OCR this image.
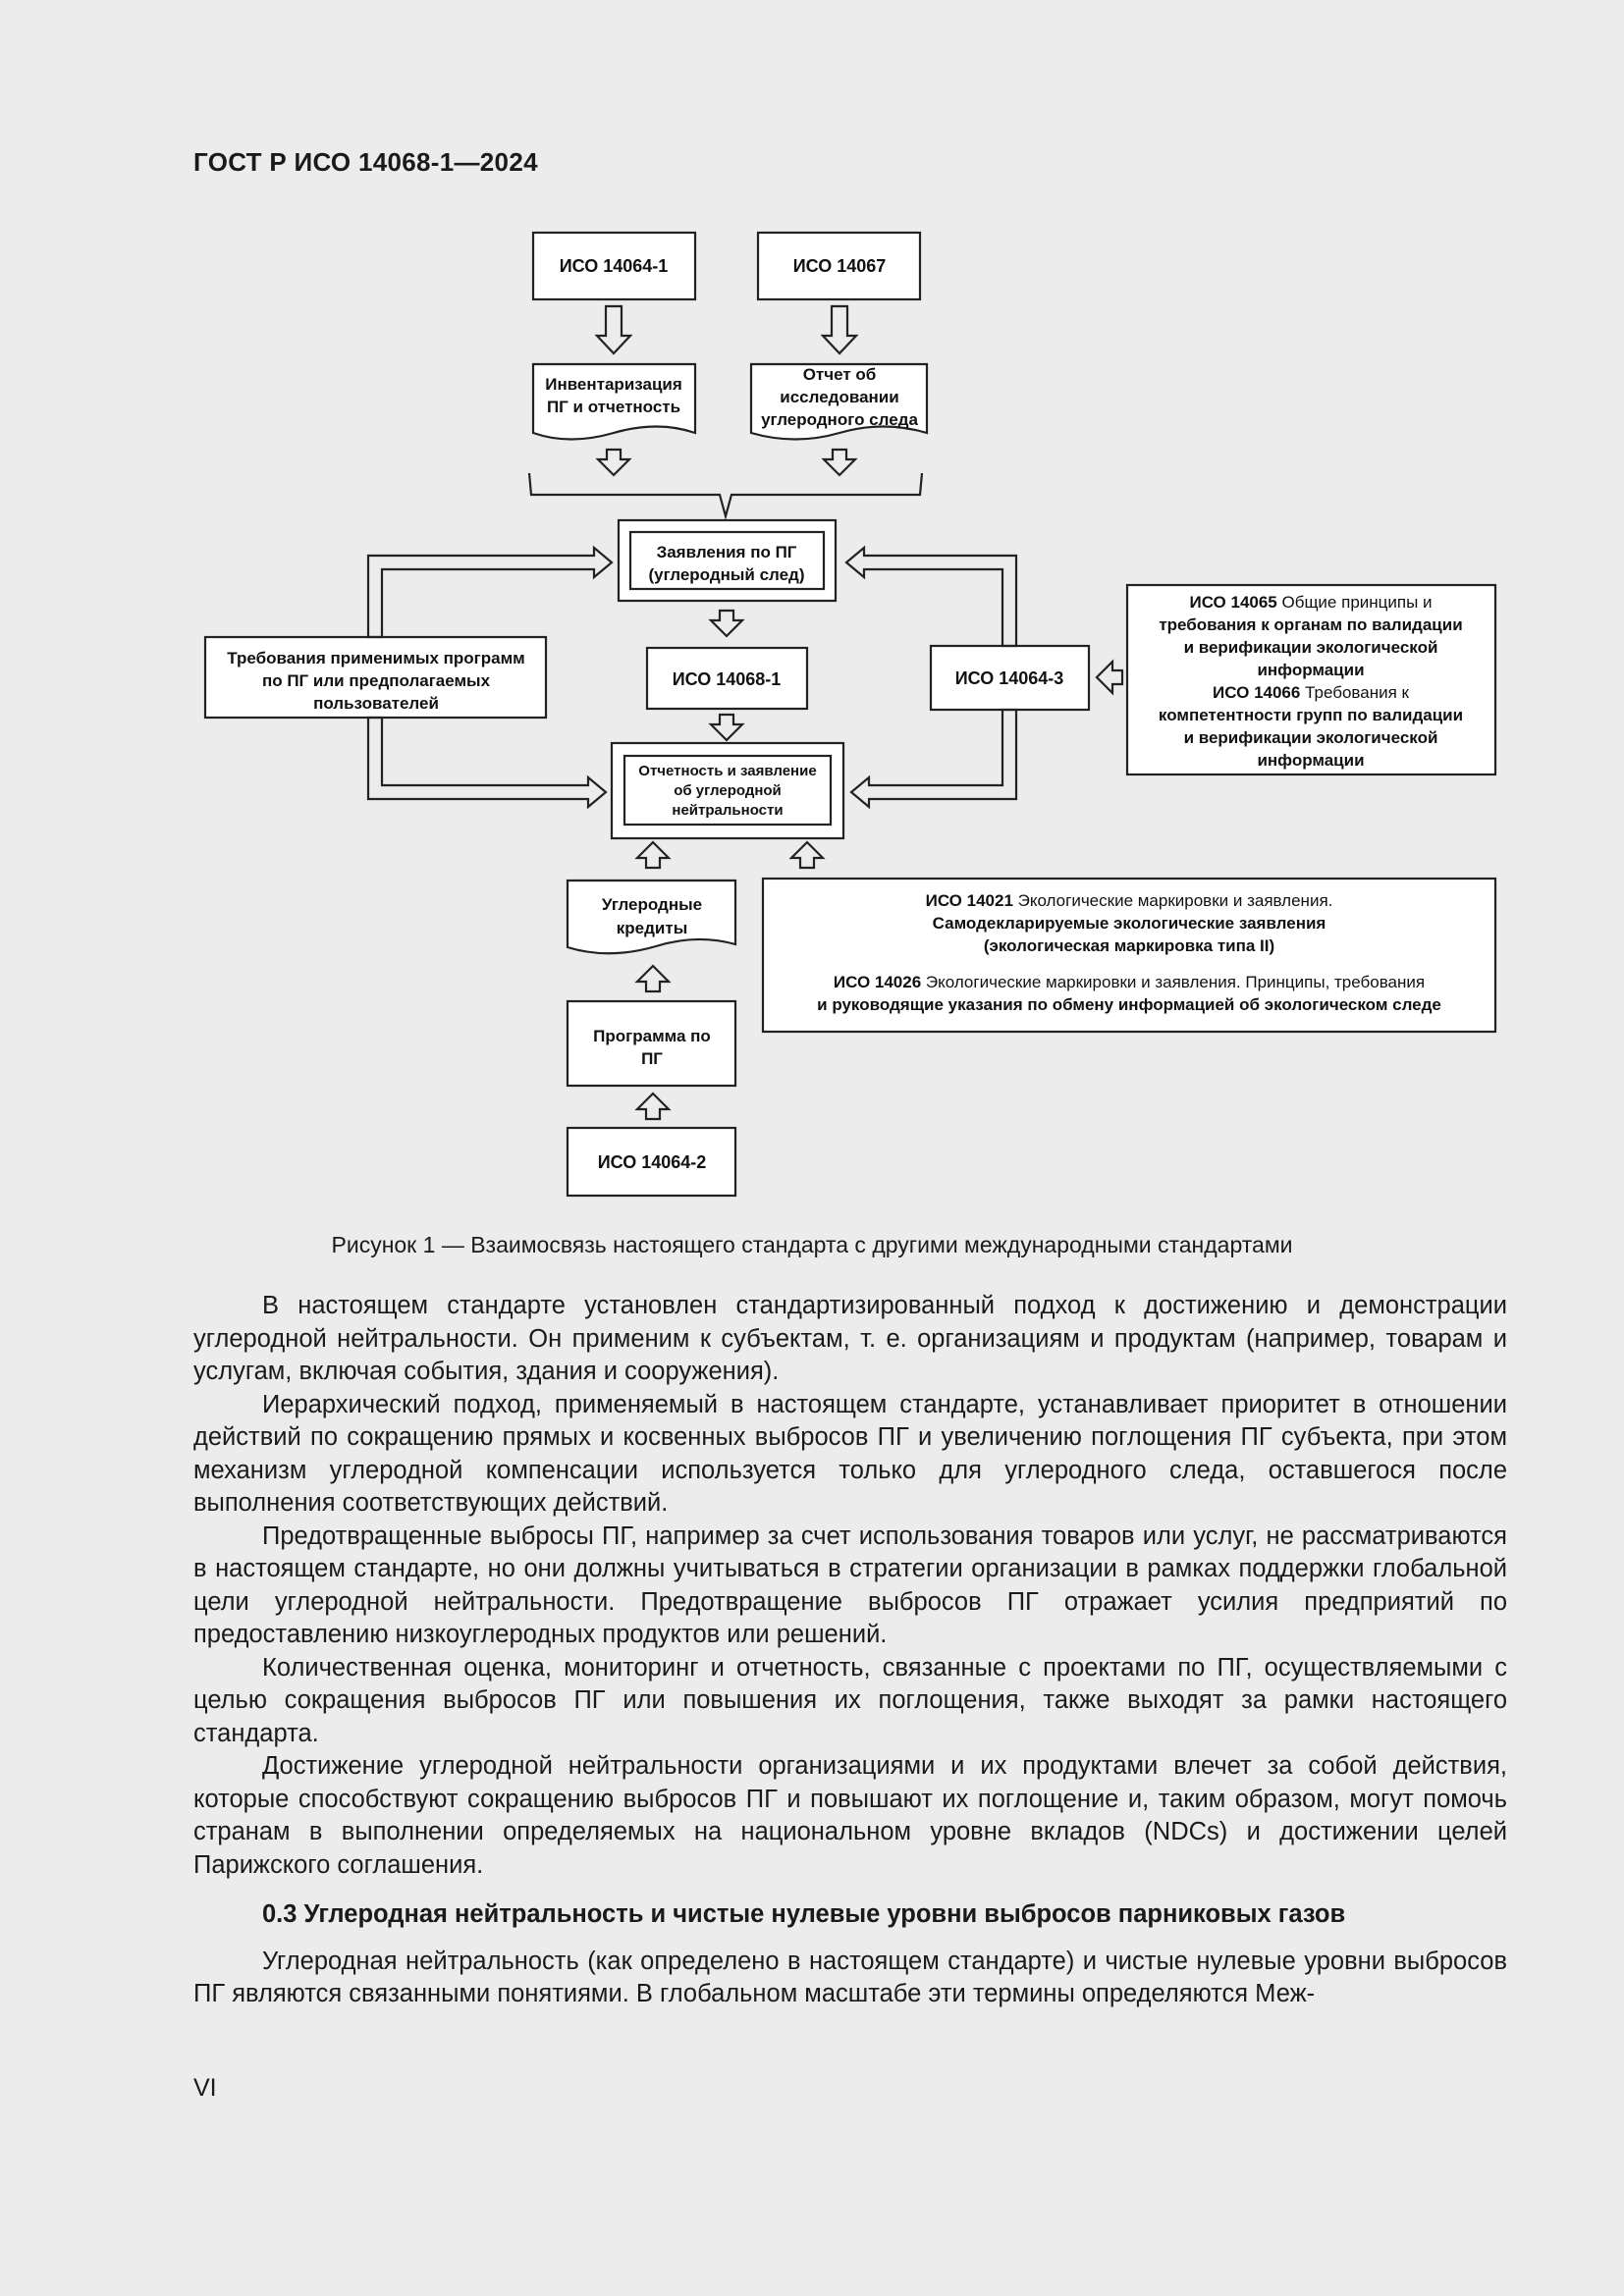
ГОСТ Р ИСО 14068-1—2024
ИСО 14064-1	ИСО 14067
ИСО 14068-1	ИСО 14064-3
ИСО 14064-2
Инвентаризация
ПГ и отчетность
Отчет об
исследовании
углеродного следа
Заявления по ПГ
(углеродный след)
Требования применимых программ
по ПГ или предполагаемых
пользователей
Углеродные
кредиты
Программа по
ПГ
Отчетность и заявление
об углеродной
нейтральности
ИСО 14065 Общие принципы и
требования к органам по валидации
и верификации экологической
информации
ИСО 14066 Требования к
компетентности групп по валидации
и верификации экологической
информации
ИСО 14021 Экологические маркировки и заявления.
Самодекларируемые экологические заявления
(экологическая маркировка типа II)
ИСО 14026 Экологические маркировки и заявления. Принципы, требования
и руководящие указания по обмену информацией об экологическом следе
Рисунок 1 — Взаимосвязь настоящего стандарта с другими международными стандартами

В настоящем стандарте установлен стандартизированный подход к достижению и демонстрации углеродной нейтральности. Он применим к субъектам, т. е. организациям и продуктам (например, товарам и услугам, включая события, здания и сооружения).

Иерархический подход, применяемый в настоящем стандарте, устанавливает приоритет в отношении действий по сокращению прямых и косвенных выбросов ПГ и увеличению поглощения ПГ субъекта, при этом механизм углеродной компенсации используется только для углеродного следа, оставшегося после выполнения соответствующих действий.

Предотвращенные выбросы ПГ, например за счет использования товаров или услуг, не рассматриваются в настоящем стандарте, но они должны учитываться в стратегии организации в рамках поддержки глобальной цели углеродной нейтральности. Предотвращение выбросов ПГ отражает усилия предприятий по предоставлению низкоуглеродных продуктов или решений.

Количественная оценка, мониторинг и отчетность, связанные с проектами по ПГ, осуществляемыми с целью сокращения выбросов ПГ или повышения их поглощения, также выходят за рамки настоящего стандарта.

Достижение углеродной нейтральности организациями и их продуктами влечет за собой действия, которые способствуют сокращению выбросов ПГ и повышают их поглощение и, таким образом, могут помочь странам в выполнении определяемых на национальном уровне вкладов (NDCs) и достижении целей Парижского соглашения.

0.3 Углеродная нейтральность и чистые нулевые уровни выбросов парниковых газов

Углеродная нейтральность (как определено в настоящем стандарте) и чистые нулевые уровни выбросов ПГ являются связанными понятиями. В глобальном масштабе эти термины определяются Меж-

VI
